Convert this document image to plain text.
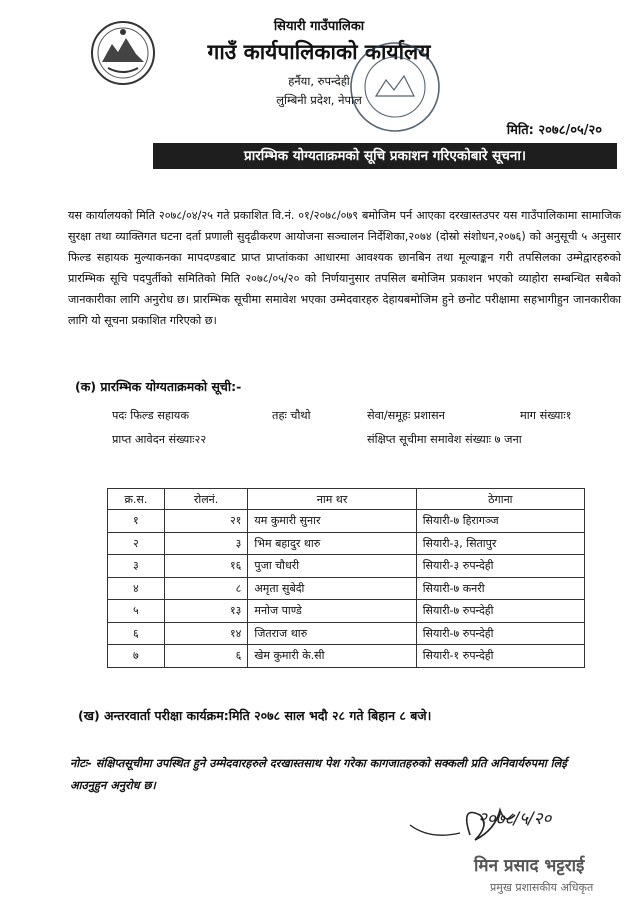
सियारी गाउँपालिका
गाउँ कार्यपालिकाको कार्यालय
हर्नैया, रुपन्देही
लुम्बिनी प्रदेश, नेपाल
मिति: २०७८/०५/२०
प्रारम्भिक योग्यताक्रमको सूचि प्रकाशन गरिएकोबारे सूचना।
यस कार्यालयको मिति २०७८/०४/२५ गते प्रकाशित वि.नं. ०१/२०७८/०७९ बमोजिम पर्न आएका दरखास्तउपर यस गाउँपालिकामा सामाजिक सुरक्षा तथा व्याक्तिगत घटना दर्ता प्रणाली सुदृढीकरण आयोजना सञ्चालन निर्देशिका,२०७४ (दोस्रो संशोधन,२०७६) को अनुसूची ५ अनुसार फिल्ड सहायक मुल्याकनका मापदण्डबाट प्राप्त प्राप्तांकका आधारमा आवश्यक छानबिन तथा मूल्याङ्कन गरी तपसिलका उम्मेद्वारहरुको प्रारम्भिक सूचि पदपुर्तीको समितिको मिति २०७८/०५/२० को निर्णयानुसार तपसिल बमोजिम प्रकाशन भएको व्याहोरा सम्बन्धित सबैको जानकारीका लागि अनुरोध छ। प्रारम्भिक सूचीमा समावेश भएका उम्मेदवारहरु देहायबमोजिम हुने छनोट परीक्षामा सहभागीहुन जानकारीका लागि यो सूचना प्रकाशित गरिएको छ।
(क) प्रारम्भिक योग्यताक्रमको सूची:-
पदः फिल्ड सहायक	तहः चौथो	सेवा/समूहः प्रशासन	माग संख्याः१
प्राप्त आवेदन संख्याः२२	संक्षिप्त सूचीमा समावेश संख्याः ७ जना
क्र.स.	रोलनं.	नाम थर	ठेगाना
१	२१	यम कुमारी सुनार	सियारी-७ हिरागञ्ज
२	३	भिम बहादुर थारु	सियारी-३, सितापुर
३	१६	पुजा चौधरी	सियारी-३ रुपन्देही
४	८	अमृता सुबेदी	सियारी-७ कनरी
५	१३	मनोज पाण्डे	सियारी-७ रुपन्देही
६	१४	जितराज थारु	सियारी-७ रुपन्देही
७	६	खेम कुमारी के.सी	सियारी-१ रुपन्देही
(ख) अन्तरवार्ता परीक्षा कार्यक्रम:मिति २०७८ साल भदौ २८ गते बिहान ८ बजे।
नोटः- संक्षिप्तसूचीमा उपस्थित हुने उम्मेदवारहरुले दरखास्तसाथ पेश गरेका कागजातहरुको सक्कली प्रति अनिवार्यरुपमा लिई आउनुहुन अनुरोध छ।
२०७८/५/२०
मिन प्रसाद भट्टराई
प्रमुख प्रशासकीय अधिकृत
